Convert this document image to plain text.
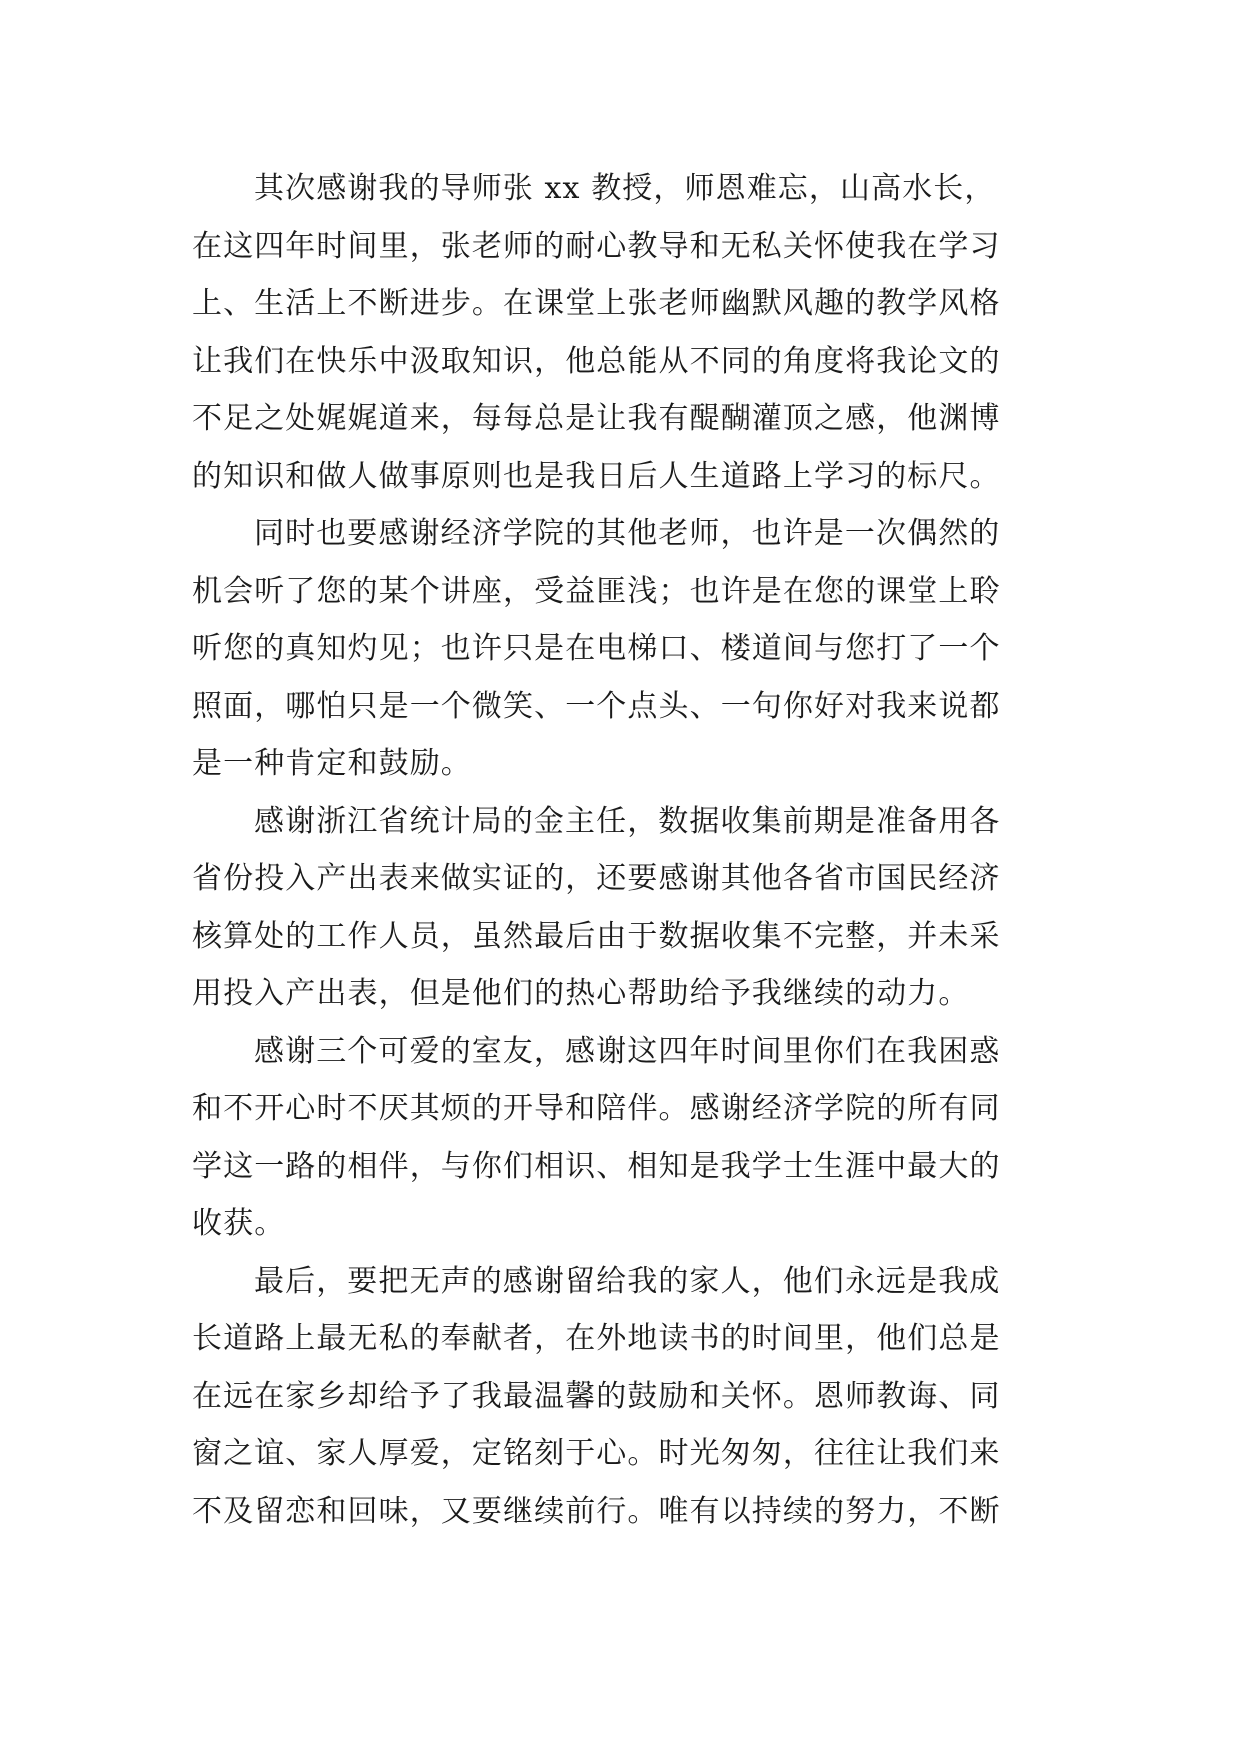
其次感谢我的导师张 xx 教授，师恩难忘，山高水长，
在这四年时间里，张老师的耐心教导和无私关怀使我在学习
上、生活上不断进步。在课堂上张老师幽默风趣的教学风格
让我们在快乐中汲取知识，他总能从不同的角度将我论文的
不足之处娓娓道来，每每总是让我有醍醐灌顶之感，他渊博
的知识和做人做事原则也是我日后人生道路上学习的标尺。
同时也要感谢经济学院的其他老师，也许是一次偶然的
机会听了您的某个讲座，受益匪浅；也许是在您的课堂上聆
听您的真知灼见；也许只是在电梯口、楼道间与您打了一个
照面，哪怕只是一个微笑、一个点头、一句你好对我来说都
是一种肯定和鼓励。
感谢浙江省统计局的金主任，数据收集前期是准备用各
省份投入产出表来做实证的，还要感谢其他各省市国民经济
核算处的工作人员，虽然最后由于数据收集不完整，并未采
用投入产出表，但是他们的热心帮助给予我继续的动力。
感谢三个可爱的室友，感谢这四年时间里你们在我困惑
和不开心时不厌其烦的开导和陪伴。感谢经济学院的所有同
学这一路的相伴，与你们相识、相知是我学士生涯中最大的
收获。
最后，要把无声的感谢留给我的家人，他们永远是我成
长道路上最无私的奉献者，在外地读书的时间里，他们总是
在远在家乡却给予了我最温馨的鼓励和关怀。恩师教诲、同
窗之谊、家人厚爱，定铭刻于心。时光匆匆，往往让我们来
不及留恋和回味，又要继续前行。唯有以持续的努力，不断
